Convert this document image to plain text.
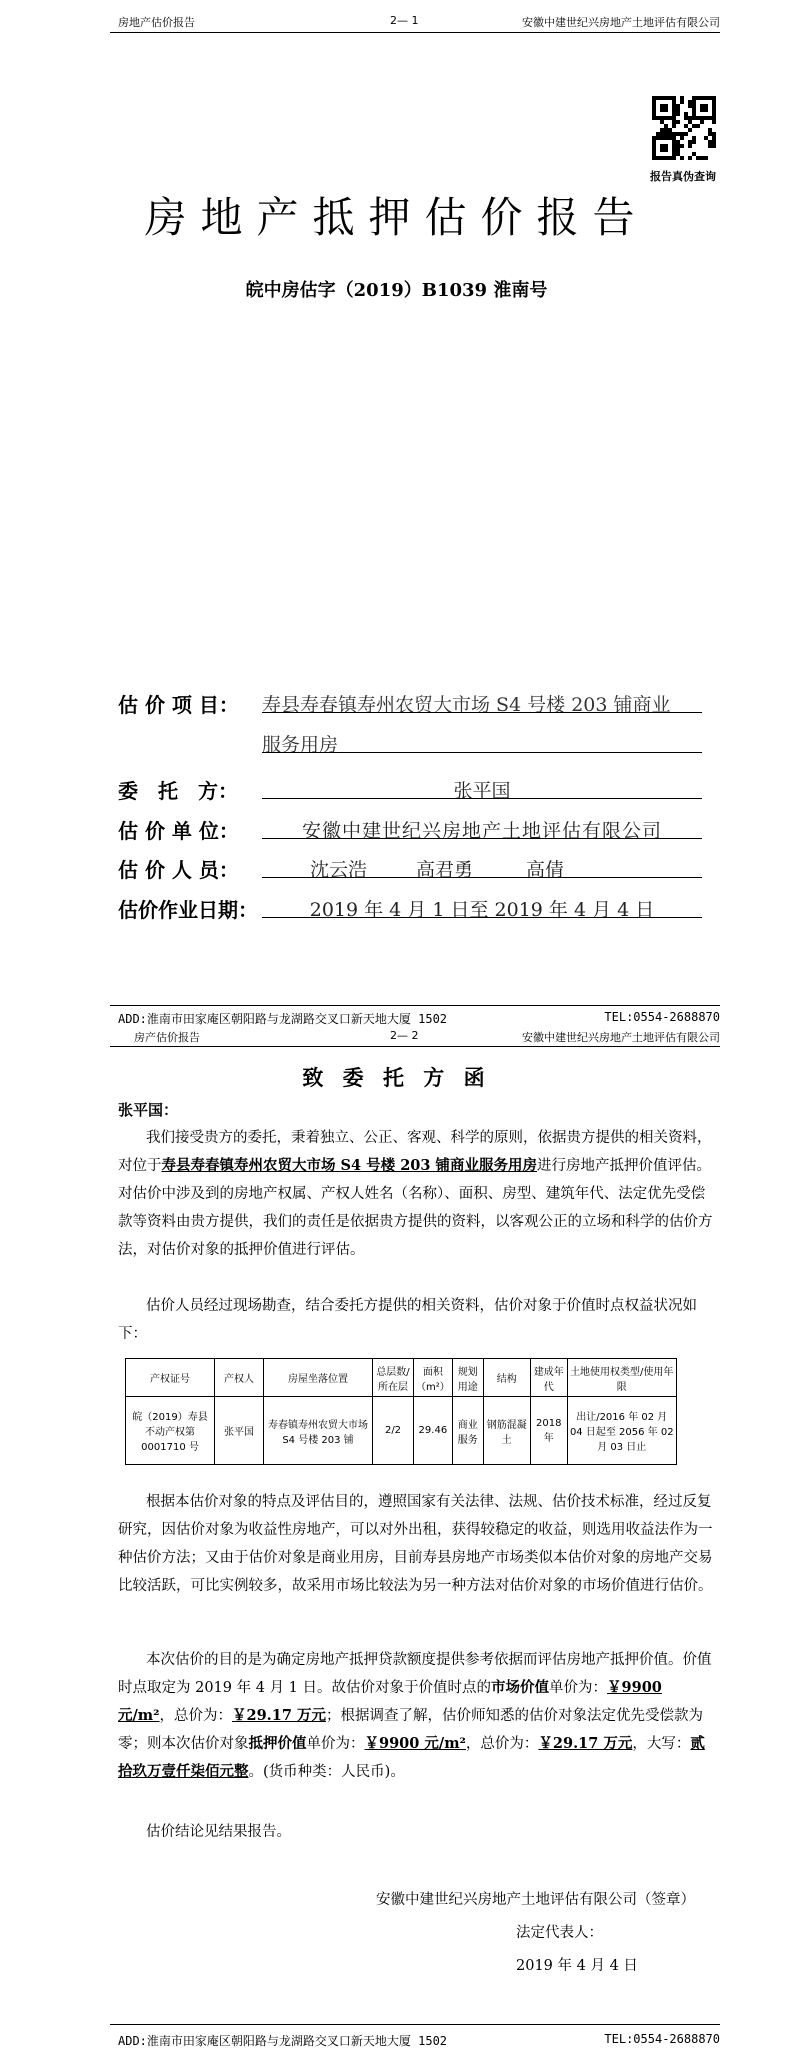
房地产估价报告	2— 1	安徽中建世纪兴房地产土地评估有限公司
报告真伪查询
房地产抵押估价报告
皖中房估字（2019）B1039 淮南号
估 价 项 目： 寿县寿春镇寿州农贸大市场 S4 号楼 203 铺商业
服务用房
委　托　方：	张平国
估 价 单 位：	安徽中建世纪兴房地产土地评估有限公司
估 价 人 员：	沈云浩	高君勇	高倩
估价作业日期：	2019 年 4 月 1 日至 2019 年 4 月 4 日
ADD:淮南市田家庵区朝阳路与龙湖路交叉口新天地大厦 1502	TEL:0554-2688870
房产估价报告	2— 2	安徽中建世纪兴房地产土地评估有限公司
致 委 托 方 函
张平国：
我们接受贵方的委托，秉着独立、公正、客观、科学的原则，依据贵方提供的相关资料，对位于寿县寿春镇寿州农贸大市场 S4 号楼 203 铺商业服务用房进行房地产抵押价值评估。对估价中涉及到的房地产权属、产权人姓名（名称）、面积、房型、建筑年代、法定优先受偿款等资料由贵方提供，我们的责任是依据贵方提供的资料，以客观公正的立场和科学的估价方法，对估价对象的抵押价值进行评估。
估价人员经过现场勘查，结合委托方提供的相关资料，估价对象于价值时点权益状况如下：
产权证号	产权人	房屋坐落位置	总层数/所在层	面积（m²）	规划用途	结构	建成年代	土地使用权类型/使用年限
皖（2019）寿县不动产权第0001710 号	张平国	寿春镇寿州农贸大市场 S4 号楼 203 铺	2/2	29.46	商业服务	钢筋混凝土	2018 年	出让/2016 年 02 月 04 日起至 2056 年 02 月 03 日止
根据本估价对象的特点及评估目的，遵照国家有关法律、法规、估价技术标准，经过反复研究，因估价对象为收益性房地产，可以对外出租，获得较稳定的收益，则选用收益法作为一种估价方法；又由于估价对象是商业用房，目前寿县房地产市场类似本估价对象的房地产交易比较活跃，可比实例较多，故采用市场比较法为另一种方法对估价对象的市场价值进行估价。
本次估价的目的是为确定房地产抵押贷款额度提供参考依据而评估房地产抵押价值。价值时点取定为 2019 年 4 月 1 日。故估价对象于价值时点的市场价值单价为：￥9900 元/m²，总价为：￥29.17 万元；根据调查了解，估价师知悉的估价对象法定优先受偿款为零；则本次估价对象抵押价值单价为：￥9900 元/m²，总价为：￥29.17 万元，大写：贰拾玖万壹仟柒佰元整。(货币种类：人民币)。
估价结论见结果报告。
安徽中建世纪兴房地产土地评估有限公司（签章）
法定代表人：
2019 年 4 月 4 日
ADD:淮南市田家庵区朝阳路与龙湖路交叉口新天地大厦 1502	TEL:0554-2688870
